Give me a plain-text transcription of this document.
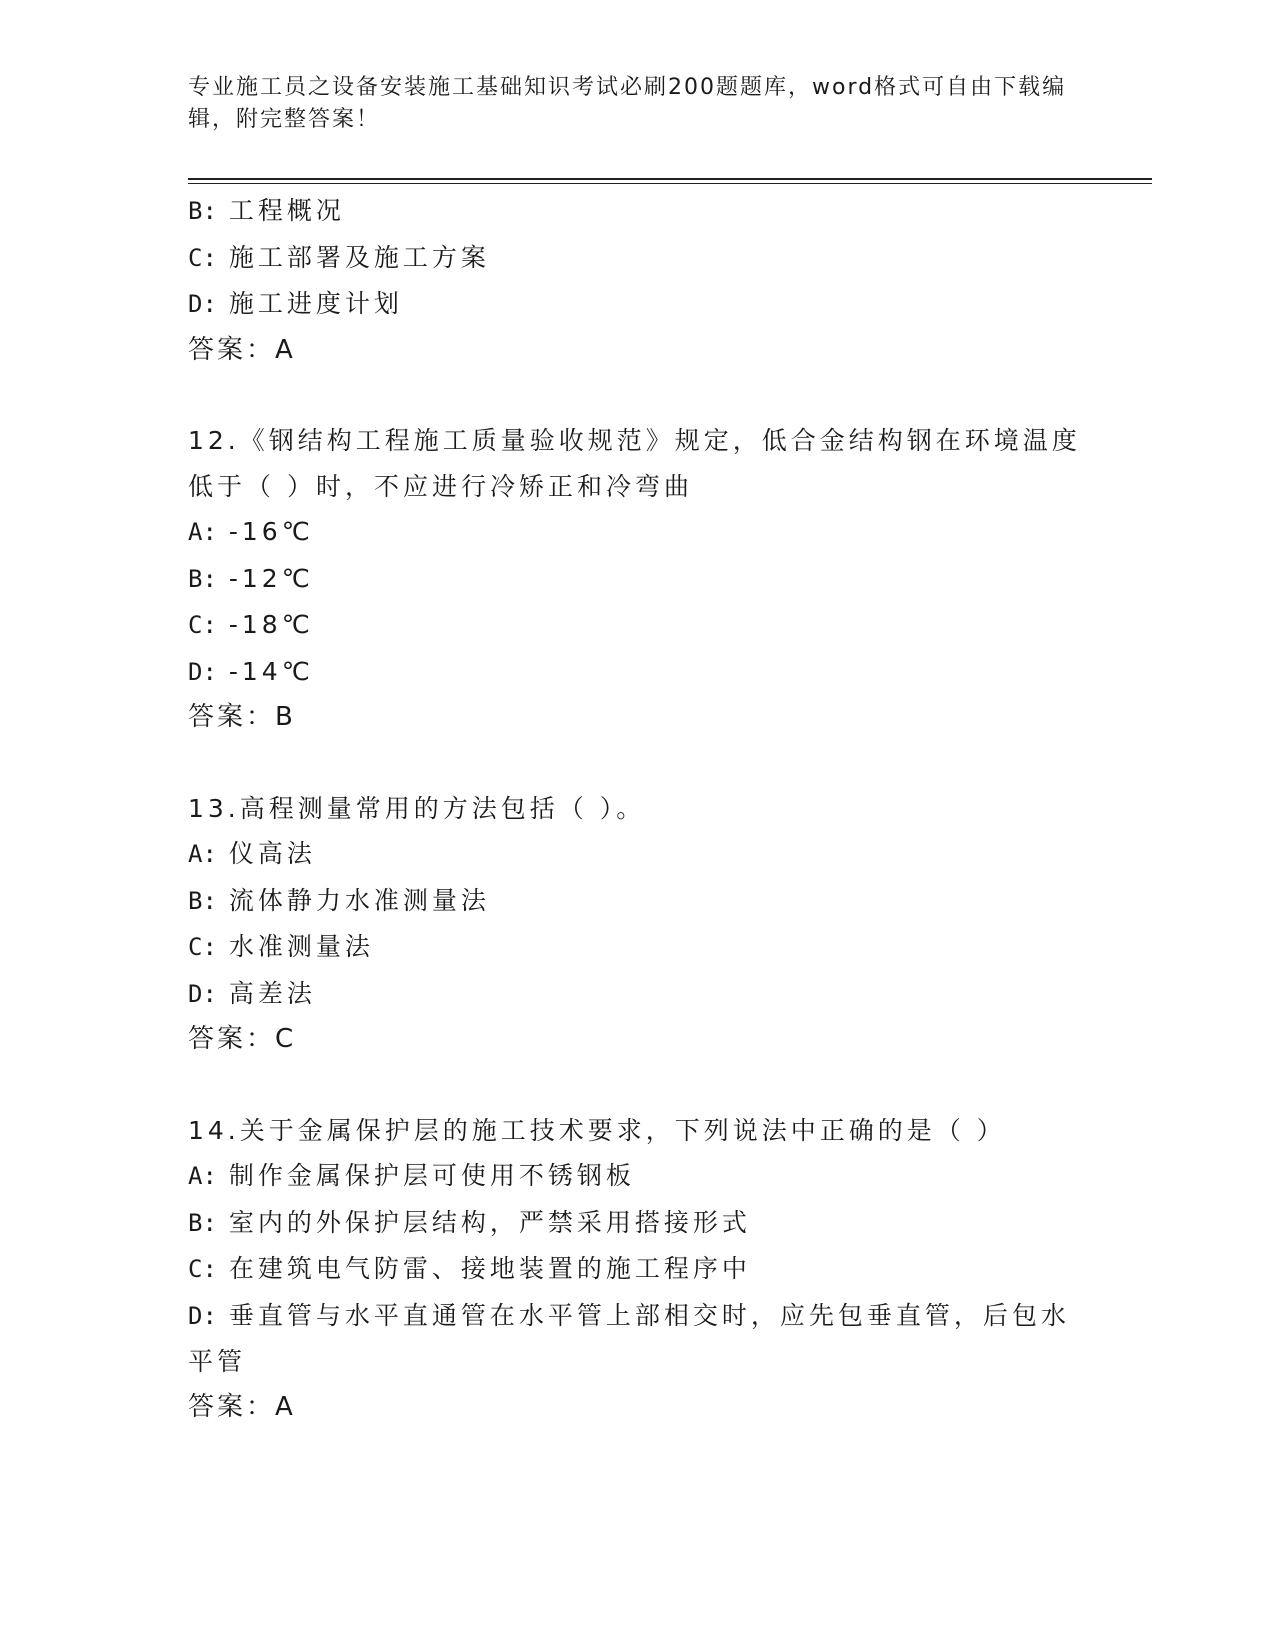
专业施工员之设备安装施工基础知识考试必刷200题题库，word格式可自由下载编辑，附完整答案！
B: 工程概况
C: 施工部署及施工方案
D: 施工进度计划
答案：A
12.《钢结构工程施工质量验收规范》规定，低合金结构钢在环境温度低于（ ）时，不应进行冷矫正和冷弯曲
A: -16℃
B: -12℃
C: -18℃
D: -14℃
答案：B
13.高程测量常用的方法包括（ ）。
A: 仪高法
B: 流体静力水准测量法
C: 水准测量法
D: 高差法
答案：C
14.关于金属保护层的施工技术要求，下列说法中正确的是（ ）
A: 制作金属保护层可使用不锈钢板
B: 室内的外保护层结构，严禁采用搭接形式
C: 在建筑电气防雷、接地装置的施工程序中
D: 垂直管与水平直通管在水平管上部相交时，应先包垂直管，后包水平管
答案：A
